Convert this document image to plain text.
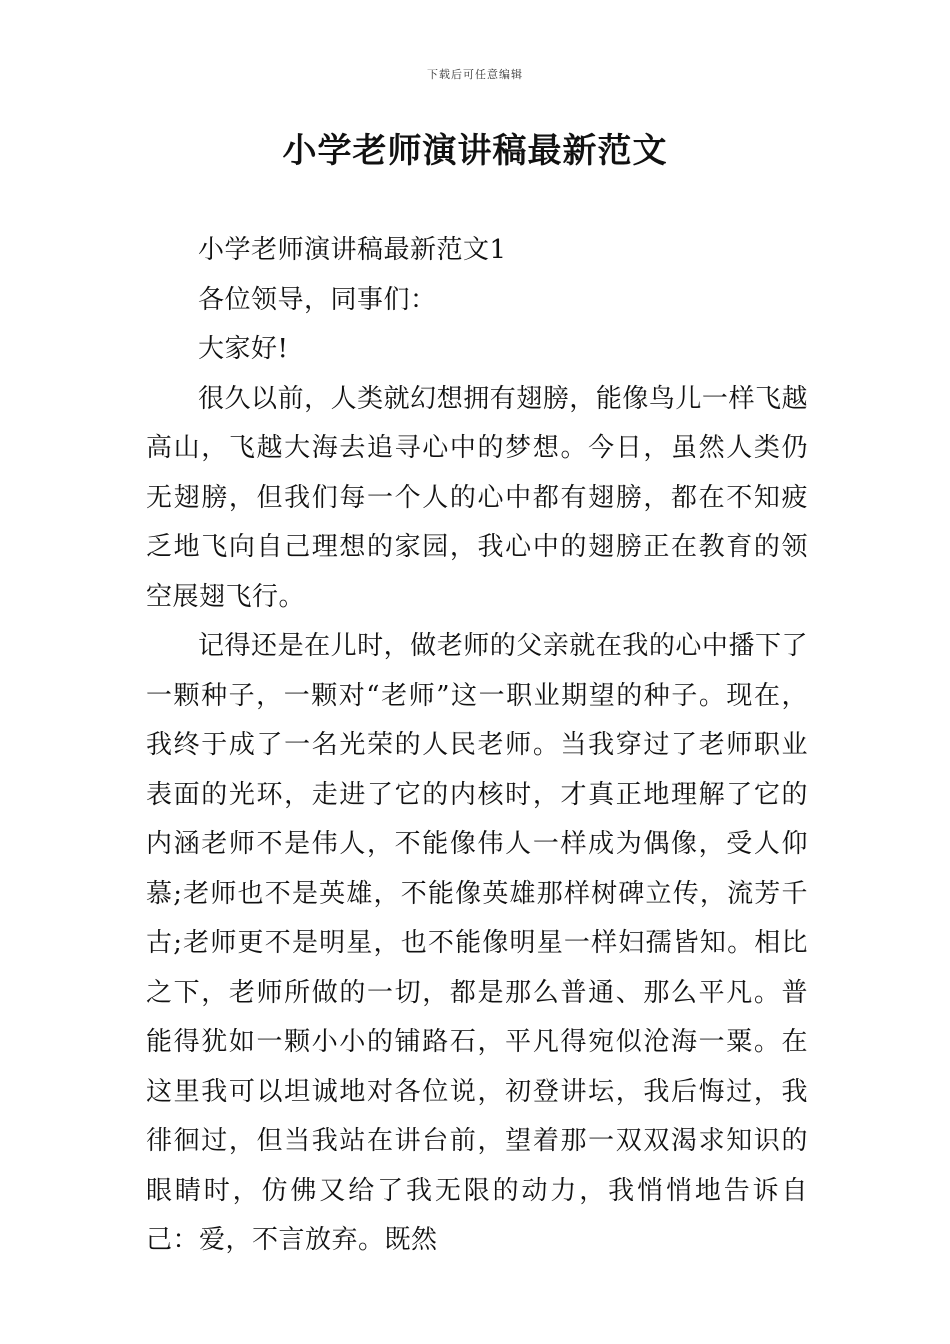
下载后可任意编辑
小学老师演讲稿最新范文

小学老师演讲稿最新范文1

各位领导，同事们：

大家好!

很久以前，人类就幻想拥有翅膀，能像鸟儿一样飞越高山，飞越大海去追寻心中的梦想。今日，虽然人类仍无翅膀，但我们每一个人的心中都有翅膀，都在不知疲乏地飞向自己理想的家园，我心中的翅膀正在教育的领空展翅飞行。

记得还是在儿时，做老师的父亲就在我的心中播下了一颗种子，一颗对“老师”这一职业期望的种子。现在，我终于成了一名光荣的人民老师。当我穿过了老师职业表面的光环，走进了它的内核时，才真正地理解了它的内涵老师不是伟人，不能像伟人一样成为偶像，受人仰慕;老师也不是英雄，不能像英雄那样树碑立传，流芳千古;老师更不是明星，也不能像明星一样妇孺皆知。相比之下，老师所做的一切，都是那么普通、那么平凡。普能得犹如一颗小小的铺路石，平凡得宛似沧海一粟。在这里我可以坦诚地对各位说，初登讲坛，我后悔过，我徘徊过，但当我站在讲台前，望着那一双双渴求知识的眼睛时，仿佛又给了我无限的动力，我悄悄地告诉自己：爱，不言放弃。既然
